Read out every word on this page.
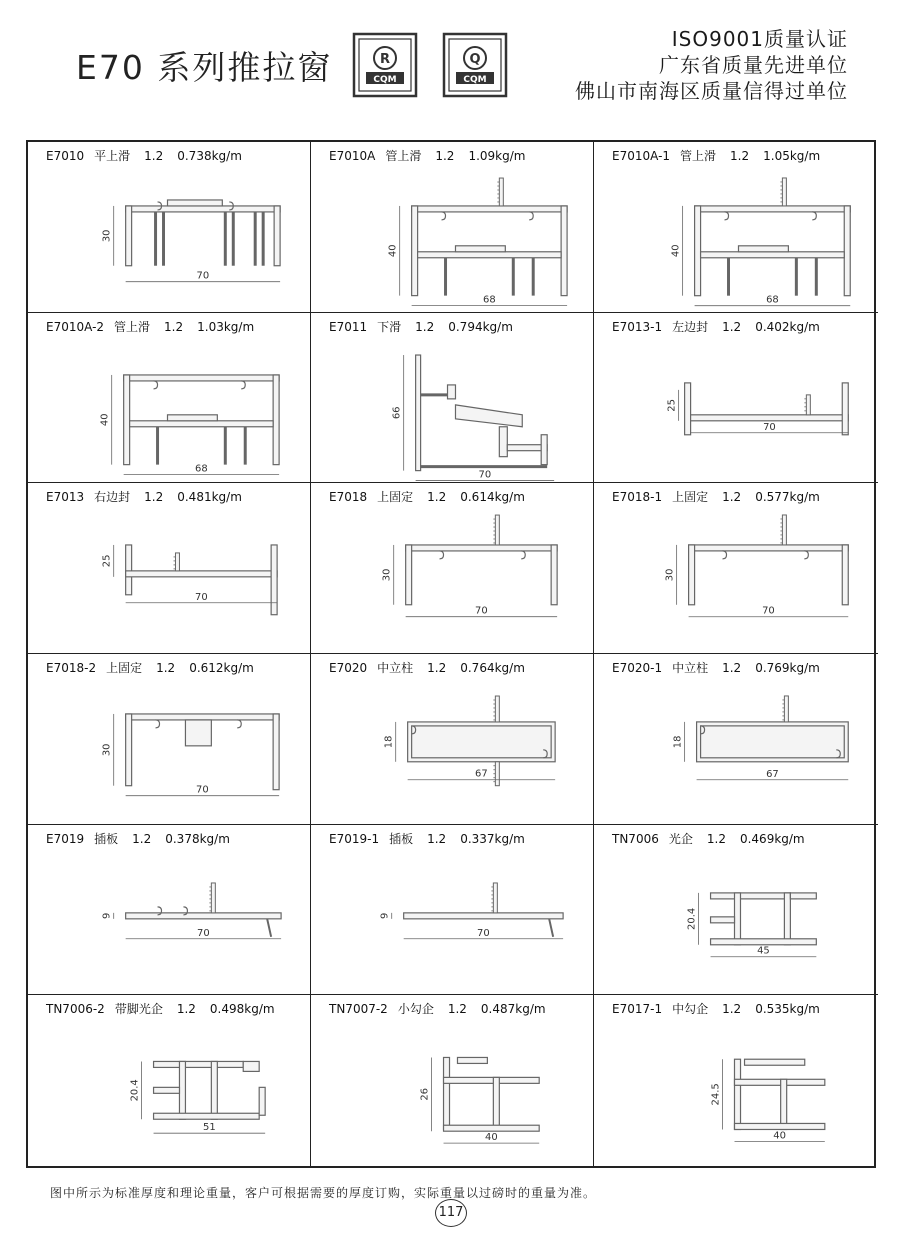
E70 系列推拉窗	R
CQM
Q
CQM
ISO9001质量认证
广东省质量先进单位
佛山市南海区质量信得过单位
E7010 平上滑 1.2 0.738kg/m
70
30
E7010A 管上滑 1.2 1.09kg/m
68
40
E7010A-1 管上滑 1.2 1.05kg/m
68
40
E7010A-2 管上滑 1.2 1.03kg/m
68
40
E7011 下滑 1.2 0.794kg/m
70
66
E7013-1 左边封 1.2 0.402kg/m
70
25
E7013 右边封 1.2 0.481kg/m
70
25
E7018 上固定 1.2 0.614kg/m
70
30
E7018-1 上固定 1.2 0.577kg/m
70
30
E7018-2 上固定 1.2 0.612kg/m
70
30
E7020 中立柱 1.2 0.764kg/m
67
18
E7020-1 中立柱 1.2 0.769kg/m
67
18
E7019 插板 1.2 0.378kg/m
70
9
E7019-1 插板 1.2 0.337kg/m
70
9
TN7006 光企 1.2 0.469kg/m
45
20.4
TN7006-2 带脚光企 1.2 0.498kg/m
51
20.4
TN7007-2 小勾企 1.2 0.487kg/m
40
26
E7017-1 中勾企 1.2 0.535kg/m
40
24.5
图中所示为标准厚度和理论重量，客户可根据需要的厚度订购，实际重量以过磅时的重量为准。
117
